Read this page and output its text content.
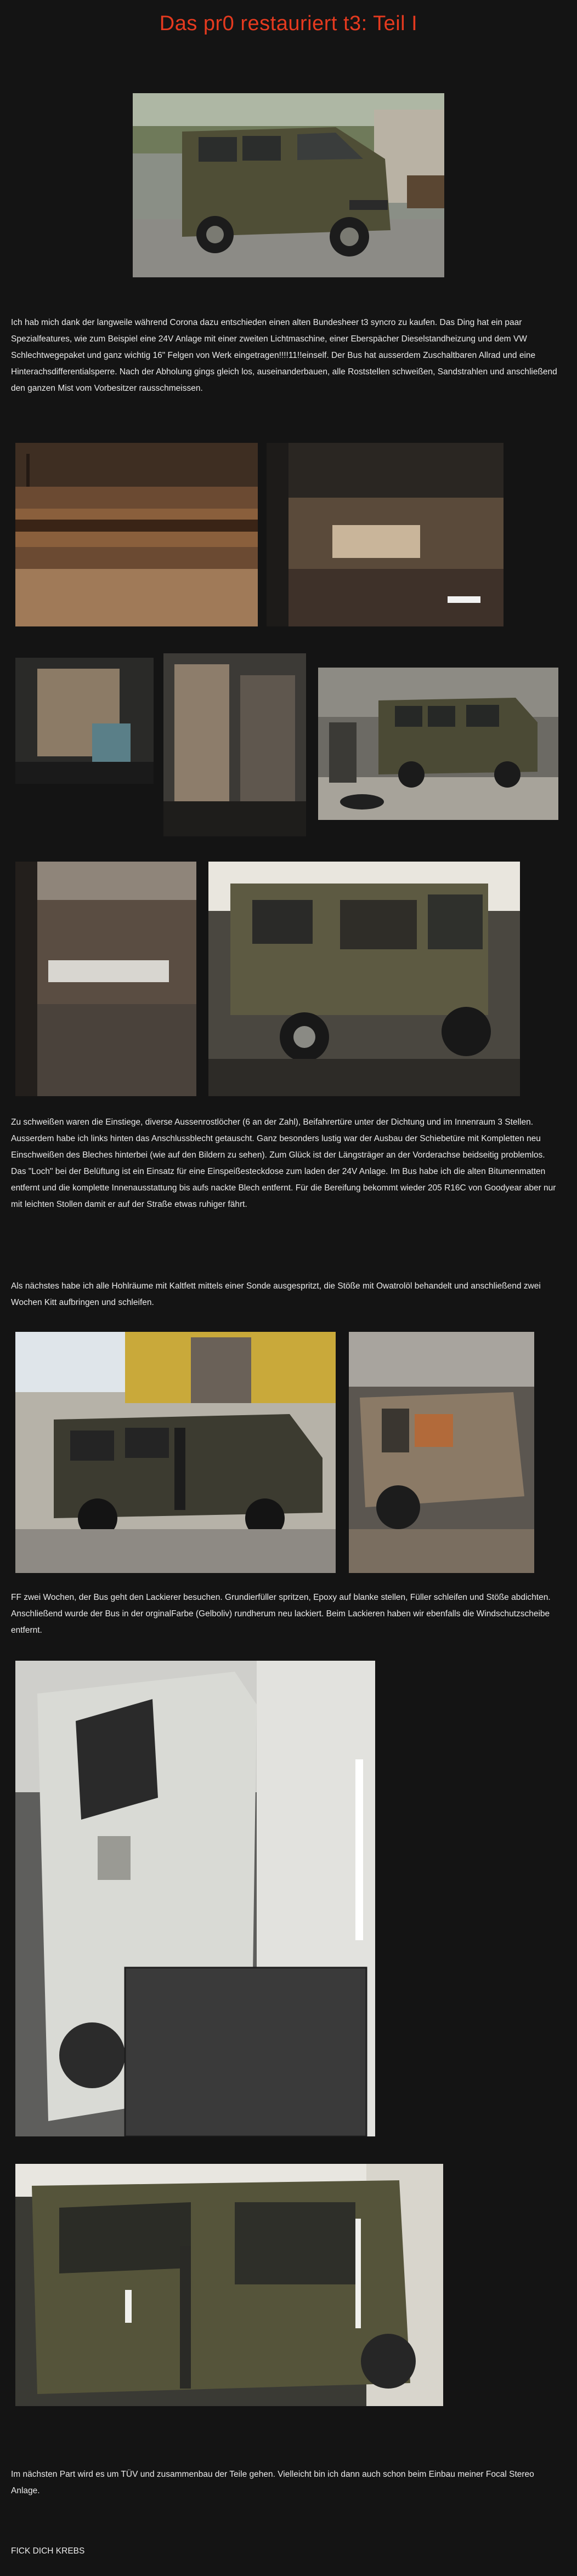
Das pr0 restauriert t3: Teil I

Ich hab mich dank der langweile während Corona dazu entschieden einen alten Bundesheer t3 syncro zu kaufen. Das Ding hat ein paar Spezialfeatures, wie zum Beispiel eine 24V Anlage mit einer zweiten Lichtmaschine, einer Eberspächer Dieselstandheizung und dem VW Schlechtwegepaket und ganz wichtig 16" Felgen von Werk eingetragen!!!!11!!einself. Der Bus hat ausserdem Zuschaltbaren Allrad und eine Hinterachsdifferentialsperre. Nach der Abholung gings gleich los, auseinanderbauen, alle Roststellen schweißen, Sandstrahlen und anschließend den ganzen Mist vom Vorbesitzer rausschmeissen.

Zu schweißen waren die Einstiege, diverse Aussenrostlöcher (6 an der Zahl), Beifahrertüre unter der Dichtung und im Innenraum 3 Stellen. Ausserdem habe ich links hinten das Anschlussblecht getauscht. Ganz besonders lustig war der Ausbau der Schiebetüre mit Kompletten neu Einschweißen des Bleches hinterbei (wie auf den Bildern zu sehen). Zum Glück ist der Längsträger an der Vorderachse beidseitig problemlos. Das "Loch" bei der Belüftung ist ein Einsatz für eine Einspeißesteckdose zum laden der 24V Anlage. Im Bus habe ich die alten Bitumenmatten entfernt und die komplette Innenausstattung bis aufs nackte Blech entfernt. Für die Bereifung bekommt wieder 205 R16C von Goodyear aber nur mit leichten Stollen damit er auf der Straße etwas ruhiger fährt.

Als nächstes habe ich alle Hohlräume mit Kaltfett mittels einer Sonde ausgespritzt, die Stöße mit Owatrolöl behandelt und anschließend zwei Wochen Kitt aufbringen und schleifen.

FF zwei Wochen, der Bus geht den Lackierer besuchen. Grundierfüller spritzen, Epoxy auf blanke stellen, Füller schleifen und Stöße abdichten. Anschließend wurde der Bus in der orginalFarbe (Gelboliv) rundherum neu lackiert. Beim Lackieren haben wir ebenfalls die Windschutzscheibe entfernt.

Im nächsten Part wird es um TÜV und zusammenbau der Teile gehen. Vielleicht bin ich dann auch schon beim Einbau meiner Focal Stereo Anlage.

FICK DICH KREBS
